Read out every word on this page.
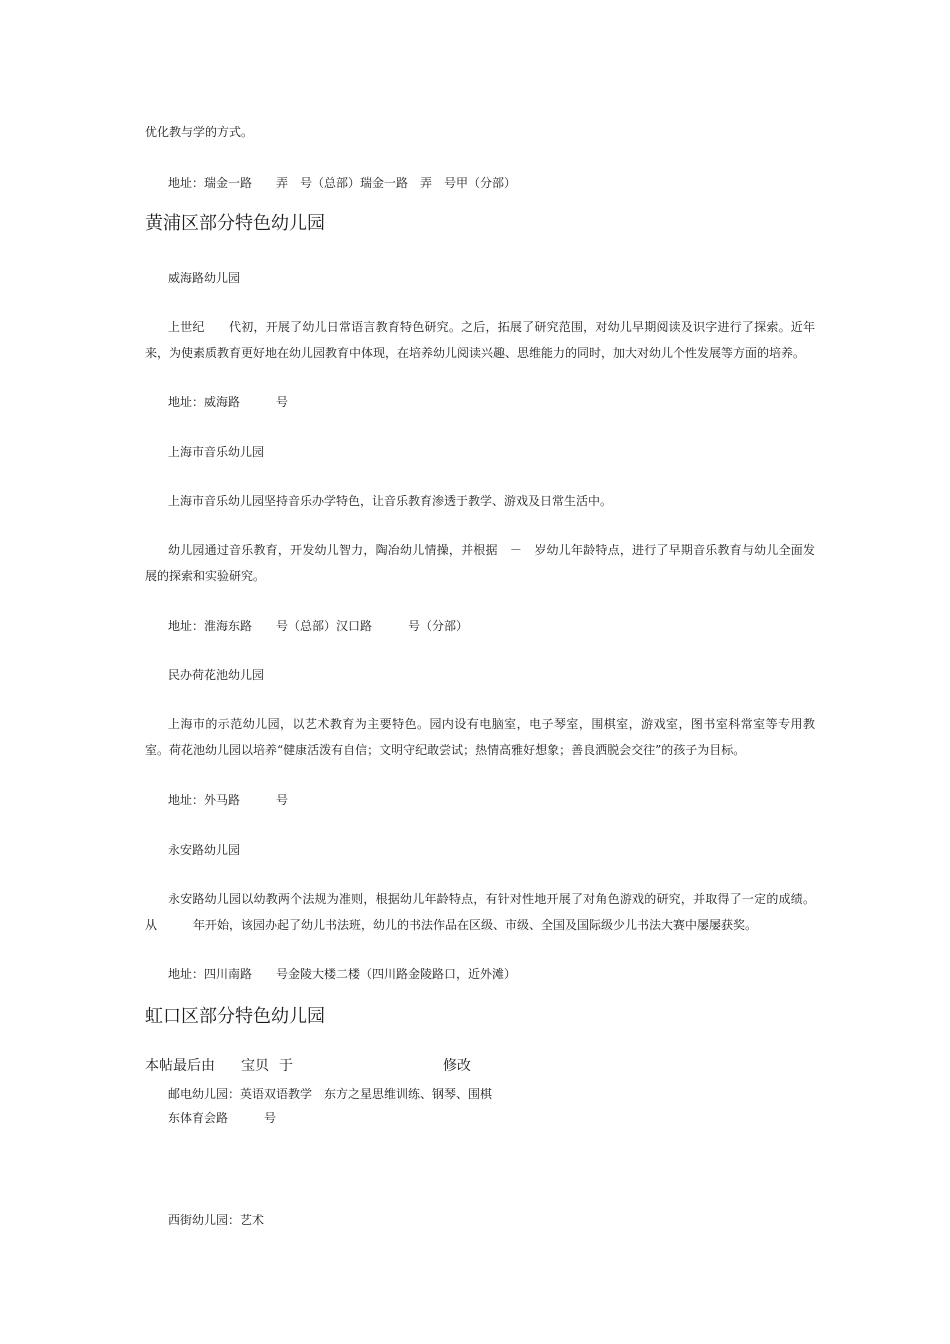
优化教与学的方式。
地址：瑞金一路　　弄　号（总部）瑞金一路　弄　号甲（分部）
黄浦区部分特色幼儿园
威海路幼儿园
上世纪　　代初，开展了幼儿日常语言教育特色研究。之后，拓展了研究范围，对幼儿早期阅读及识字进行了探索。近年来，为使素质教育更好地在幼儿园教育中体现，在培养幼儿阅读兴趣、思维能力的同时，加大对幼儿个性发展等方面的培养。
地址：威海路　　　号
上海市音乐幼儿园
上海市音乐幼儿园坚持音乐办学特色，让音乐教育渗透于教学、游戏及日常生活中。
幼儿园通过音乐教育，开发幼儿智力，陶冶幼儿情操，并根据　－　岁幼儿年龄特点，进行了早期音乐教育与幼儿全面发展的探索和实验研究。
地址：淮海东路　　号（总部）汉口路　　　号（分部）
民办荷花池幼儿园
上海市的示范幼儿园，以艺术教育为主要特色。园内设有电脑室，电子琴室，围棋室，游戏室，图书室科常室等专用教室。荷花池幼儿园以培养“健康活泼有自信；文明守纪敢尝试；热情高雅好想象；善良洒脱会交往”的孩子为目标。
地址：外马路　　　号
永安路幼儿园
永安路幼儿园以幼教两个法规为准则，根据幼儿年龄特点，有针对性地开展了对角色游戏的研究，并取得了一定的成绩。从　　　年开始，该园办起了幼儿书法班，幼儿的书法作品在区级、市级、全国及国际级少儿书法大赛中屡屡获奖。
地址：四川南路　　号金陵大楼二楼（四川路金陵路口，近外滩）
虹口区部分特色幼儿园
本帖最后由 宝贝 于	修改
邮电幼儿园：英语双语教学　东方之星思维训练、钢琴、围棋
东体育会路　　　号
西街幼儿园：艺术
